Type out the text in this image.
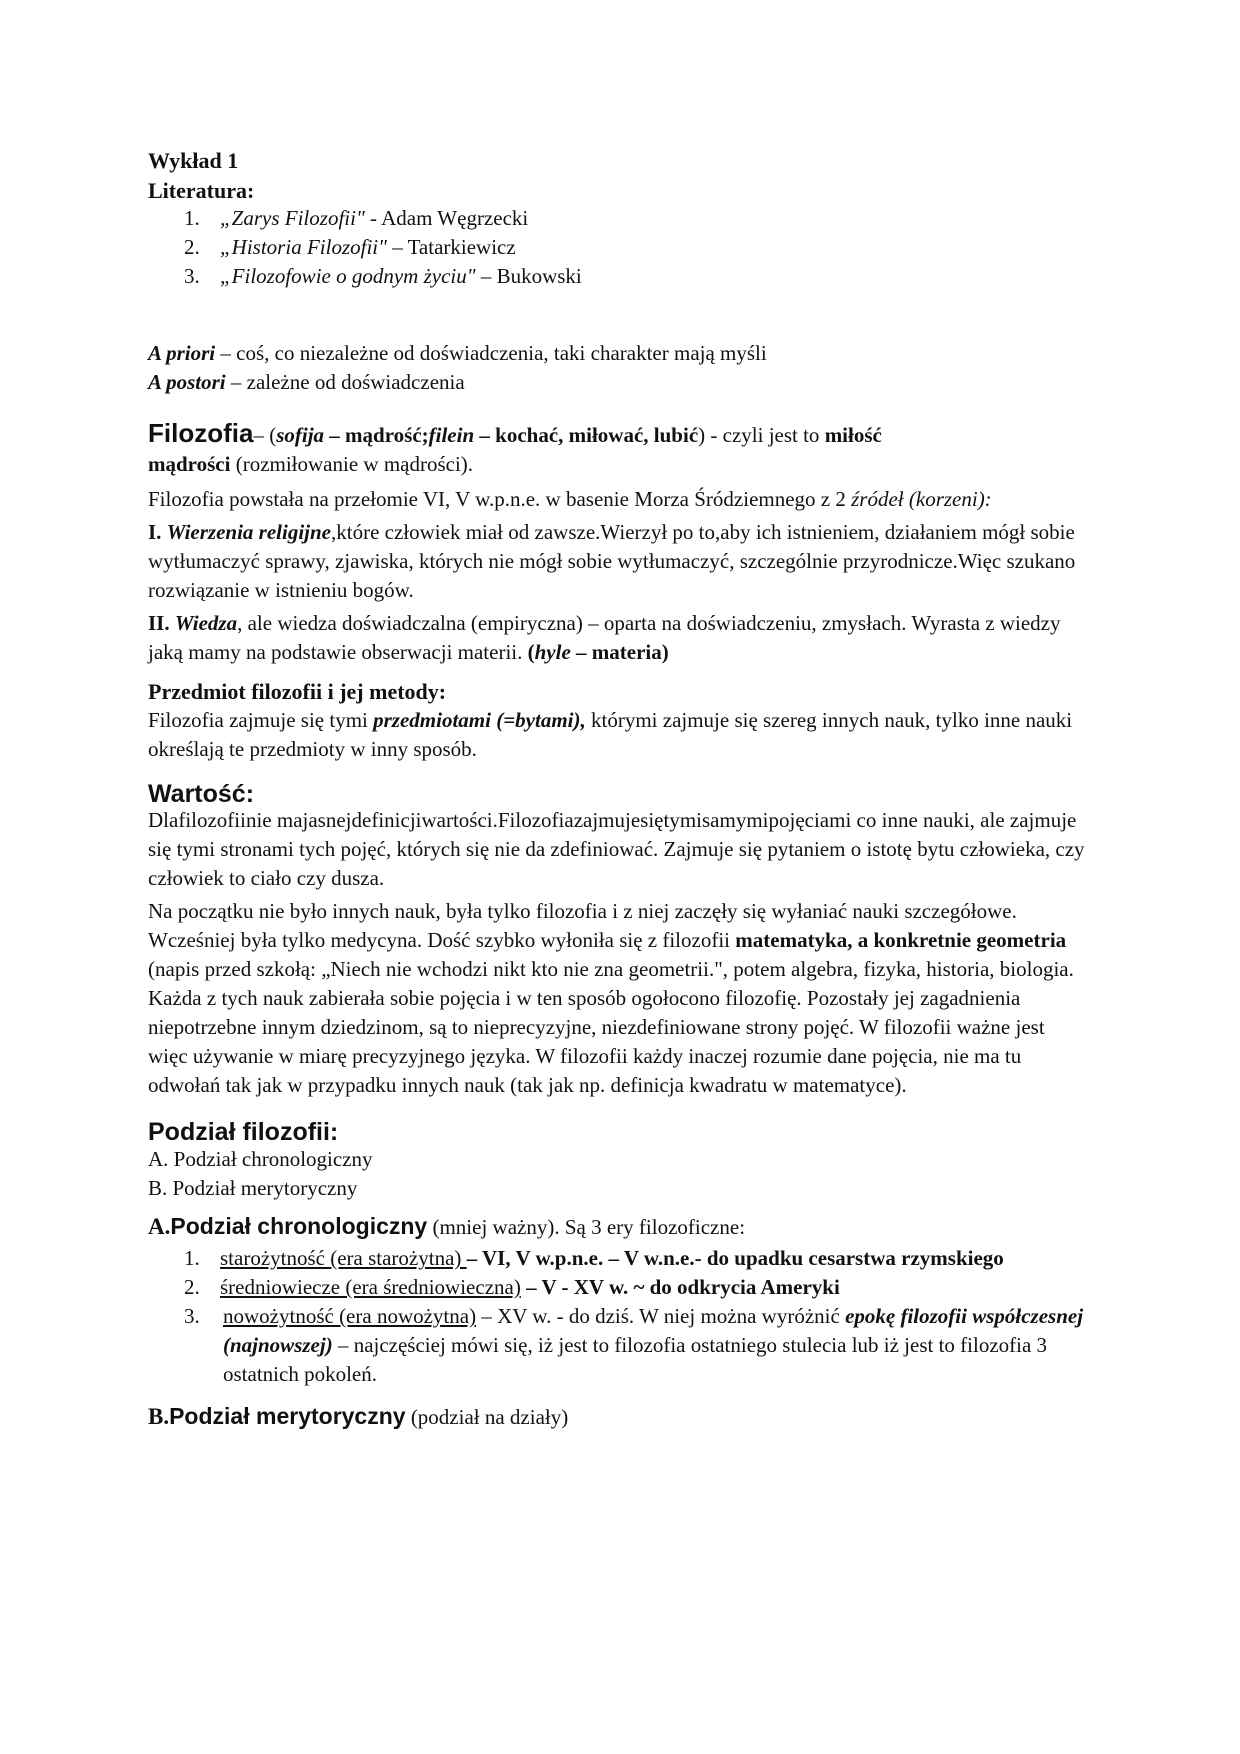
Wykład 1

Literatura:

1. „Zarys Filozofii" - Adam Węgrzecki
2. „Historia Filozofii" – Tatarkiewicz
3. „Filozofowie o godnym życiu" – Bukowski

A priori – coś, co niezależne od doświadczenia, taki charakter mają myśli

A postori – zależne od doświadczenia

Filozofia– (sofija – mądrość;filein – kochać, miłować, lubić) - czyli jest to miłość
mądrości (rozmiłowanie w mądrości).

Filozofia powstała na przełomie VI, V w.p.n.e. w basenie Morza Śródziemnego z 2 źródeł (korzeni):

I. Wierzenia religijne,które człowiek miał od zawsze.Wierzył po to,aby ich istnieniem, działaniem mógł sobie wytłumaczyć sprawy, zjawiska, których nie mógł sobie wytłumaczyć, szczególnie przyrodnicze.Więc szukano rozwiązanie w istnieniu bogów.

II. Wiedza, ale wiedza doświadczalna (empiryczna) – oparta na doświadczeniu, zmysłach. Wyrasta z wiedzy jaką mamy na podstawie obserwacji materii. (hyle – materia)

Przedmiot filozofii i jej metody:

Filozofia zajmuje się tymi przedmiotami (=bytami), którymi zajmuje się szereg innych nauk, tylko inne nauki określają te przedmioty w inny sposób.

Wartość:

Dlafilozofiinie majasnejdefinicjiwartości.Filozofiazajmujesiętymisamymipojęciami co inne nauki, ale zajmuje się tymi stronami tych pojęć, których się nie da zdefiniować. Zajmuje się pytaniem o istotę bytu człowieka, czy człowiek to ciało czy dusza.

Na początku nie było innych nauk, była tylko filozofia i z niej zaczęły się wyłaniać nauki szczegółowe. Wcześniej była tylko medycyna. Dość szybko wyłoniła się z filozofii matematyka, a konkretnie geometria (napis przed szkołą: „Niech nie wchodzi nikt kto nie zna geometrii.", potem algebra, fizyka, historia, biologia. Każda z tych nauk zabierała sobie pojęcia i w ten sposób ogołocono filozofię. Pozostały jej zagadnienia niepotrzebne innym dziedzinom, są to nieprecyzyjne, niezdefiniowane strony pojęć. W filozofii ważne jest więc używanie w miarę precyzyjnego języka. W filozofii każdy inaczej rozumie dane pojęcia, nie ma tu odwołań tak jak w przypadku innych nauk (tak jak np. definicja kwadratu w matematyce).

Podział filozofii:

A. Podział chronologiczny

B. Podział merytoryczny

A.Podział chronologiczny (mniej ważny). Są 3 ery filozoficzne:

1. starożytność (era starożytna) – VI, V w.p.n.e. – V w.n.e.- do upadku cesarstwa rzymskiego
2. średniowiecze (era średniowieczna) – V - XV w. ~ do odkrycia Ameryki
3. nowożytność (era nowożytna) – XV w. - do dziś. W niej można wyróżnić epokę filozofii współczesnej (najnowszej) – najczęściej mówi się, iż jest to filozofia ostatniego stulecia lub iż jest to filozofia 3 ostatnich pokoleń.

B.Podział merytoryczny (podział na działy)
